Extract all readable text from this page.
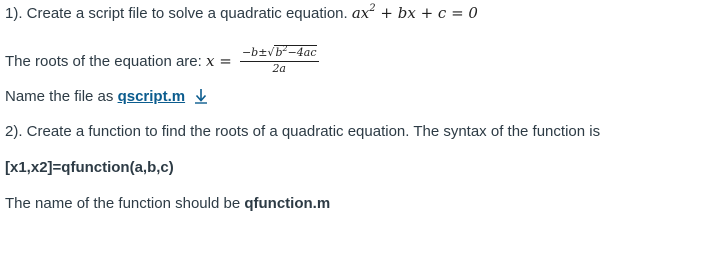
1). Create a script file to solve a quadratic equation. $ax^2$ + bx + c = 0
The roots of the equation are: $x = \frac{-b\pm√b^2-4ac}{2a}$
Name the file as qscript.m
2). Create a function to find the roots of a quadratic equation. The syntax of the function is
[x1,x2]=qfunction(a,b,c)
The name of the function should be qfunction.m
